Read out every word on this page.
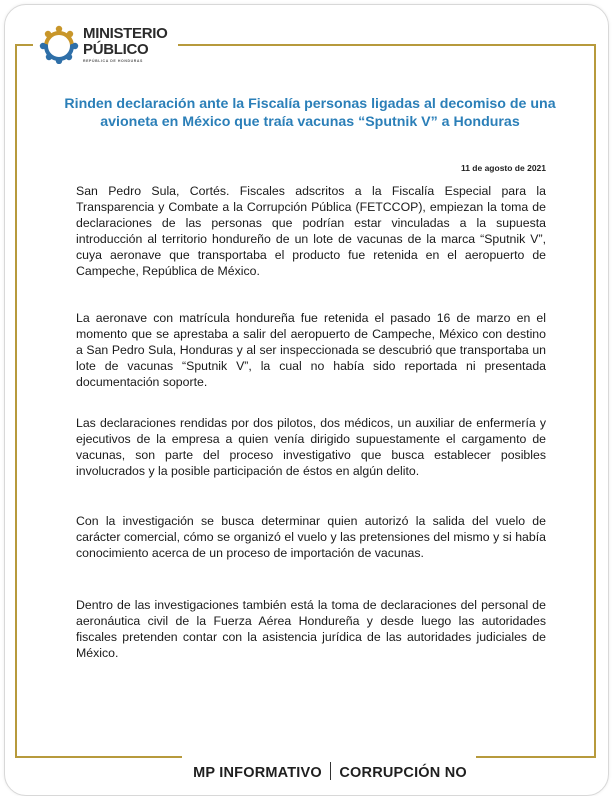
MINISTERIO
PÚBLICO
REPÚBLICA DE HONDURAS
Rinden declaración ante la Fiscalía personas ligadas al decomiso de una avioneta en México que traía vacunas “Sputnik V” a Honduras
11 de agosto de 2021
San Pedro Sula, Cortés. Fiscales adscritos a la Fiscalía Especial para la Transparencia y Combate a la Corrupción Pública (FETCCOP), empiezan la toma de declaraciones de las personas que podrían estar vinculadas a la supuesta introducción al territorio hondureño de un lote de vacunas de la marca “Sputnik V”, cuya aeronave que transportaba el producto fue retenida en el aeropuerto de Campeche, República de México.
La aeronave con matrícula hondureña fue retenida el pasado 16 de marzo en el momento que se aprestaba a salir del aeropuerto de Campeche, México con destino a San Pedro Sula, Honduras y al ser inspeccionada se descubrió que transportaba un lote de vacunas “Sputnik V”, la cual no había sido reportada ni presentada documentación soporte.
Las declaraciones rendidas por dos pilotos, dos médicos, un auxiliar de enfermería y ejecutivos de la empresa a quien venía dirigido supuestamente el cargamento de vacunas, son parte del proceso investigativo que busca establecer posibles involucrados y la posible participación de éstos en algún delito.
Con la investigación se busca determinar quien autorizó la salida del vuelo de carácter comercial, cómo se organizó el vuelo y las pretensiones del mismo y si había conocimiento acerca de un proceso de importación de vacunas.
Dentro de las investigaciones también está la toma de declaraciones del personal de aeronáutica civil de la Fuerza Aérea Hondureña y desde luego las autoridades fiscales pretenden contar con la asistencia jurídica de las autoridades judiciales de México.
MP INFORMATIVO CORRUPCIÓN NO
